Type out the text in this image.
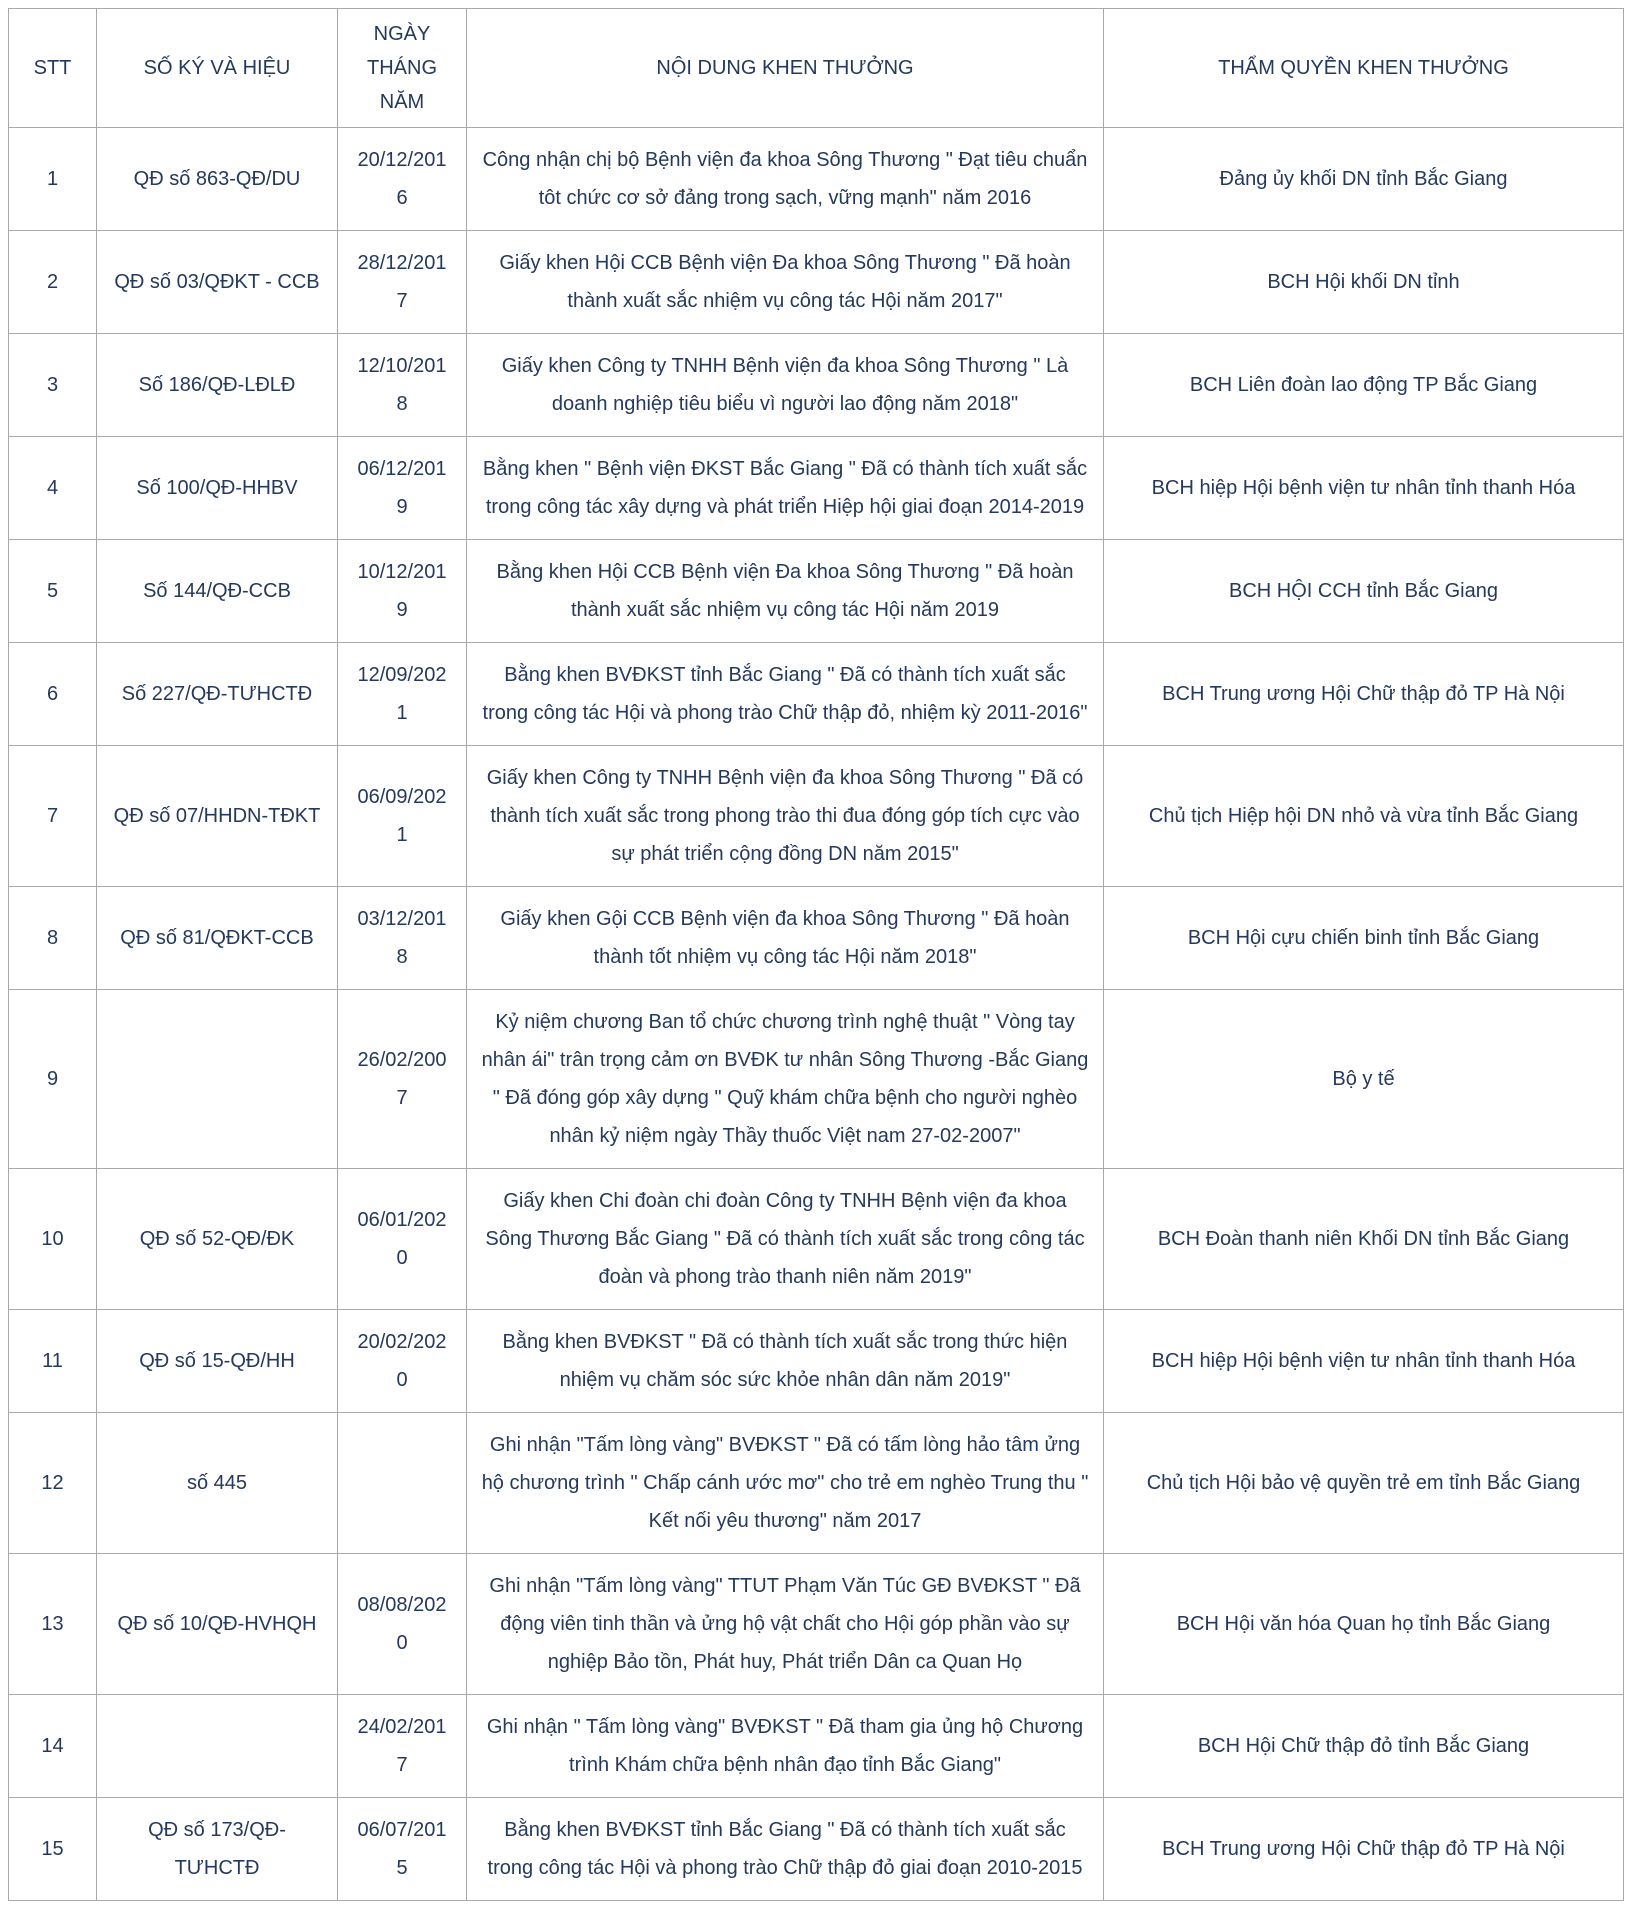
STT	SỐ KÝ VÀ HIỆU	NGÀY THÁNG NĂM	NỘI DUNG KHEN THƯỞNG	THẨM QUYỀN KHEN THƯỞNG
1	QĐ số 863-QĐ/DU	20/12/2016	Công nhận chị bộ Bệnh viện đa khoa Sông Thương " Đạt tiêu chuẩn tôt chức cơ sở đảng trong sạch, vững mạnh" năm 2016	Đảng ủy khối DN tỉnh Bắc Giang
2	QĐ số 03/QĐKT - CCB	28/12/2017	Giấy khen Hội CCB Bệnh viện Đa khoa Sông Thương " Đã hoàn thành xuất sắc nhiệm vụ công tác Hội năm 2017"	BCH Hội khối DN tỉnh
3	Số 186/QĐ-LĐLĐ	12/10/2018	Giấy khen Công ty TNHH Bệnh viện đa khoa Sông Thương " Là doanh nghiệp tiêu biểu vì người lao động năm 2018"	BCH Liên đoàn lao động TP Bắc Giang
4	Số 100/QĐ-HHBV	06/12/2019	Bằng khen " Bệnh viện ĐKST Bắc Giang " Đã có thành tích xuất sắc trong công tác xây dựng và phát triển Hiệp hội giai đoạn 2014-2019	BCH hiệp Hội bệnh viện tư nhân tỉnh thanh Hóa
5	Số 144/QĐ-CCB	10/12/2019	Bằng khen Hội CCB Bệnh viện Đa khoa Sông Thương " Đã hoàn thành xuất sắc nhiệm vụ công tác Hội năm 2019	BCH HỘI CCH tỉnh Bắc Giang
6	Số 227/QĐ-TƯHCTĐ	12/09/2021	Bằng khen BVĐKST tỉnh Bắc Giang " Đã có thành tích xuất sắc trong công tác Hội và phong trào Chữ thập đỏ, nhiệm kỳ 2011-2016"	BCH Trung ương Hội Chữ thập đỏ TP Hà Nội
7	QĐ số 07/HHDN-TĐKT	06/09/2021	Giấy khen Công ty TNHH Bệnh viện đa khoa Sông Thương " Đã có thành tích xuất sắc trong phong trào thi đua đóng góp tích cực vào sự phát triển cộng đồng DN năm 2015"	Chủ tịch Hiệp hội DN nhỏ và vừa tỉnh Bắc Giang
8	QĐ số 81/QĐKT-CCB	03/12/2018	Giấy khen Gội CCB Bệnh viện đa khoa Sông Thương " Đã hoàn thành tốt nhiệm vụ công tác Hội năm 2018"	BCH Hội cựu chiến binh tỉnh Bắc Giang
9		26/02/2007	Kỷ niệm chương Ban tổ chức chương trình nghệ thuật " Vòng tay nhân ái" trân trọng cảm ơn BVĐK tư nhân Sông Thương -Bắc Giang " Đã đóng góp xây dựng " Quỹ khám chữa bệnh cho người nghèo nhân kỷ niệm ngày Thầy thuốc Việt nam 27-02-2007"	Bộ y tế
10	QĐ số 52-QĐ/ĐK	06/01/2020	Giấy khen Chi đoàn chi đoàn Công ty TNHH Bệnh viện đa khoa Sông Thương Bắc Giang " Đã có thành tích xuất sắc trong công tác đoàn và phong trào thanh niên năm 2019"	BCH Đoàn thanh niên Khối DN tỉnh Bắc Giang
11	QĐ số 15-QĐ/HH	20/02/2020	Bằng khen BVĐKST " Đã có thành tích xuất sắc trong thức hiện nhiệm vụ chăm sóc sức khỏe nhân dân năm 2019"	BCH hiệp Hội bệnh viện tư nhân tỉnh thanh Hóa
12	số 445		Ghi nhận "Tấm lòng vàng" BVĐKST " Đã có tấm lòng hảo tâm ửng hộ chương trình " Chấp cánh ước mơ" cho trẻ em nghèo Trung thu " Kết nối yêu thương" năm 2017	Chủ tịch Hội bảo vệ quyền trẻ em tỉnh Bắc Giang
13	QĐ số 10/QĐ-HVHQH	08/08/2020	Ghi nhận "Tấm lòng vàng" TTUT Phạm Văn Túc GĐ BVĐKST " Đã động viên tinh thần và ửng hộ vật chất cho Hội góp phần vào sự nghiệp Bảo tồn, Phát huy, Phát triển Dân ca Quan Họ	BCH Hội văn hóa Quan họ tỉnh Bắc Giang
14		24/02/2017	Ghi nhận " Tấm lòng vàng" BVĐKST " Đã tham gia ủng hộ Chương trình Khám chữa bệnh nhân đạo tỉnh Bắc Giang"	BCH Hội Chữ thập đỏ tỉnh Bắc Giang
15	QĐ số 173/QĐ-TƯHCTĐ	06/07/2015	Bằng khen BVĐKST tỉnh Bắc Giang " Đã có thành tích xuất sắc trong công tác Hội và phong trào Chữ thập đỏ giai đoạn 2010-2015	BCH Trung ương Hội Chữ thập đỏ TP Hà Nội
